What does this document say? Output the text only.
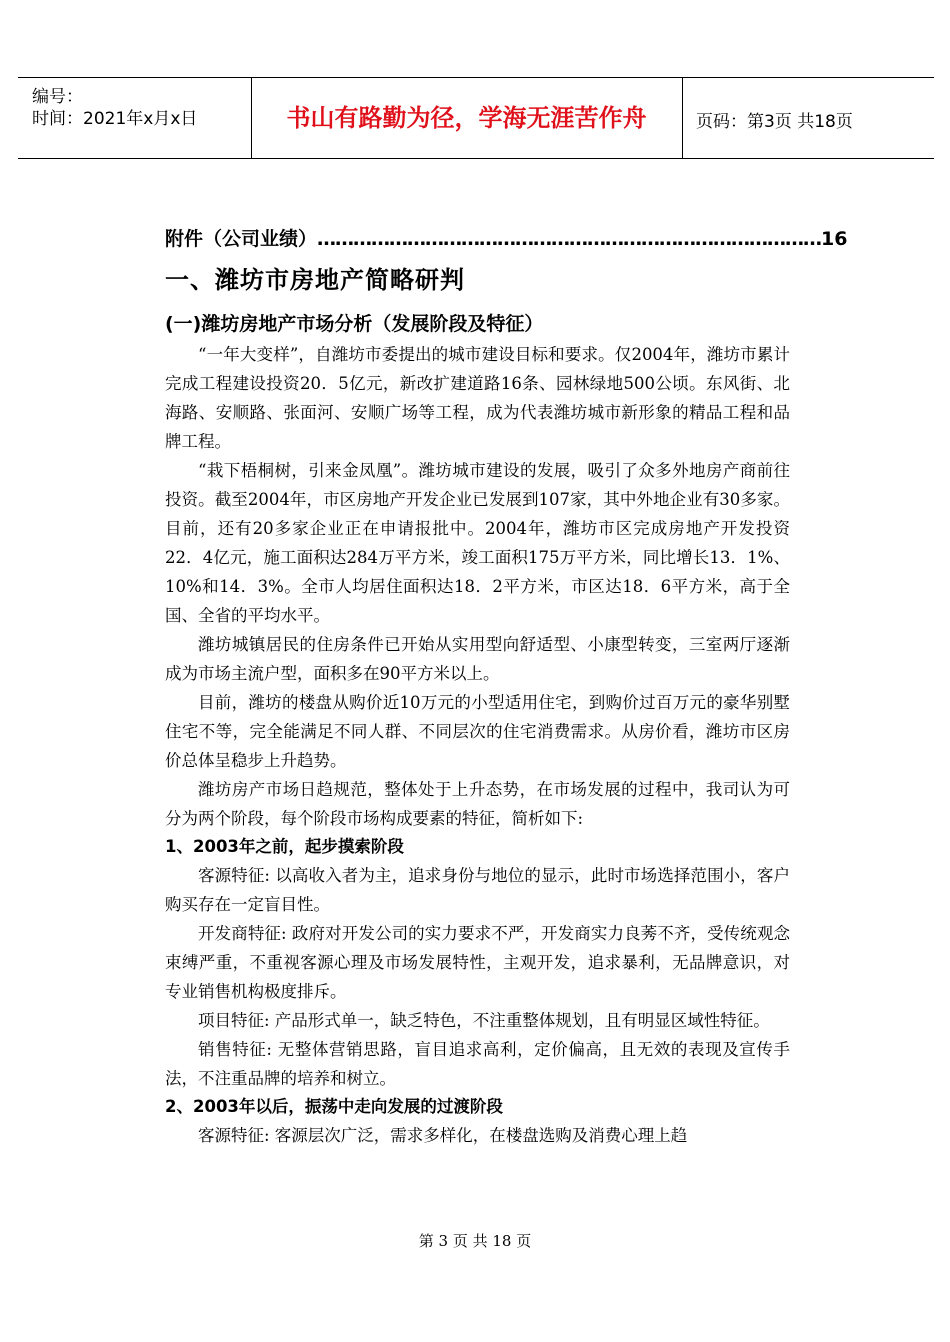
编号：
时间：2021年x月x日	书山有路勤为径，学海无涯苦作舟	页码：第3页 共18页
附件（公司业绩） ………………………………………………………………………… 16
一、潍坊市房地产简略研判
(一)潍坊房地产市场分析（发展阶段及特征）
“一年大变样”，自潍坊市委提出的城市建设目标和要求。仅2004年，潍坊市累计完成工程建设投资20．5亿元，新改扩建道路16条、园林绿地500公顷。东风街、北海路、安顺路、张面河、安顺广场等工程，成为代表潍坊城市新形象的精品工程和品牌工程。
“栽下梧桐树，引来金凤凰”。潍坊城市建设的发展，吸引了众多外地房产商前往投资。截至2004年，市区房地产开发企业已发展到107家，其中外地企业有30多家。目前，还有20多家企业正在申请报批中。2004年，潍坊市区完成房地产开发投资22．4亿元，施工面积达284万平方米，竣工面积175万平方米，同比增长13．1%、10%和14．3%。全市人均居住面积达18．2平方米，市区达18．6平方米，高于全国、全省的平均水平。
潍坊城镇居民的住房条件已开始从实用型向舒适型、小康型转变，三室两厅逐渐成为市场主流户型，面积多在90平方米以上。
目前，潍坊的楼盘从购价近10万元的小型适用住宅，到购价过百万元的豪华别墅住宅不等，完全能满足不同人群、不同层次的住宅消费需求。从房价看，潍坊市区房价总体呈稳步上升趋势。
潍坊房产市场日趋规范，整体处于上升态势，在市场发展的过程中，我司认为可分为两个阶段，每个阶段市场构成要素的特征，简析如下:
1、2003年之前，起步摸索阶段
客源特征: 以高收入者为主，追求身份与地位的显示，此时市场选择范围小，客户购买存在一定盲目性。
开发商特征: 政府对开发公司的实力要求不严，开发商实力良莠不齐，受传统观念束缚严重，不重视客源心理及市场发展特性，主观开发，追求暴利，无品牌意识，对专业销售机构极度排斥。
项目特征: 产品形式单一，缺乏特色，不注重整体规划，且有明显区域性特征。
销售特征: 无整体营销思路，盲目追求高利，定价偏高，且无效的表现及宣传手法，不注重品牌的培养和树立。
2、2003年以后，振荡中走向发展的过渡阶段
客源特征: 客源层次广泛，需求多样化，在楼盘选购及消费心理上趋
第 3 页 共 18 页
